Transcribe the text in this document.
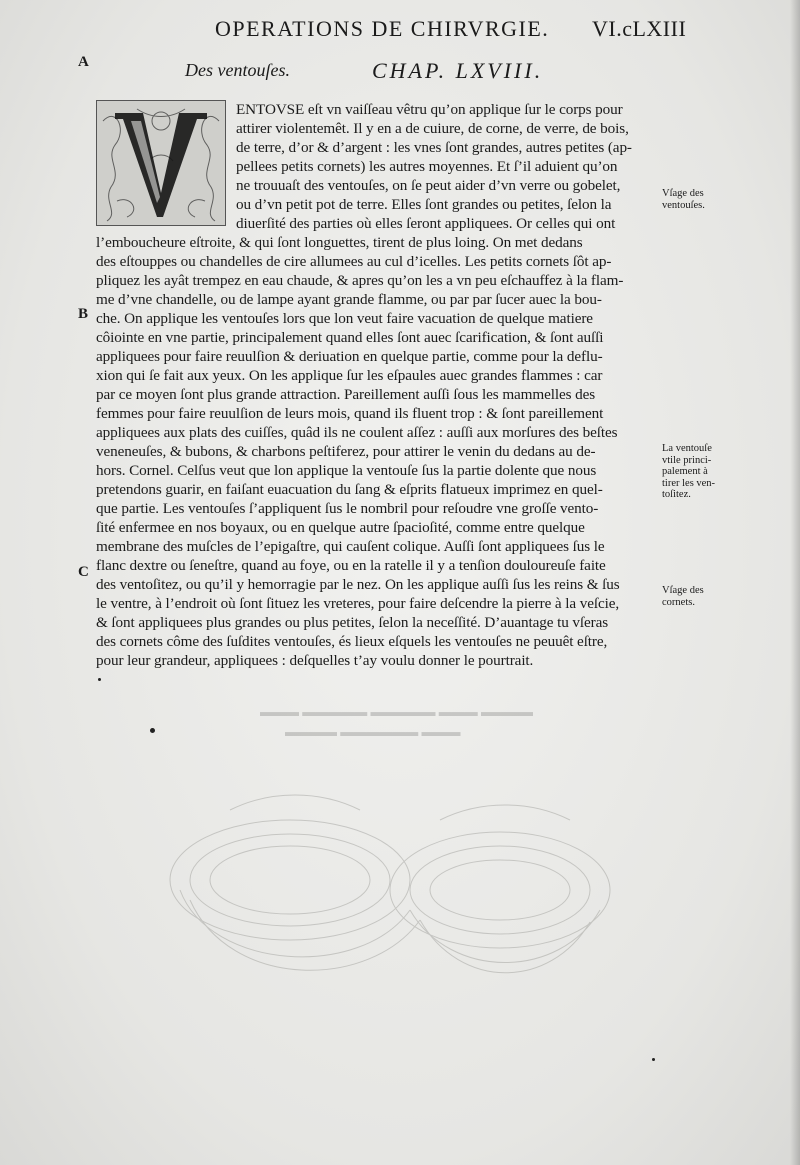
OPERATIONS DE CHIRVRGIE. VI.cLXIII
A
B
C
Des ventouſes.	CHAP. LXVIII.
V
ENTOVSE eſt vn vaiſſeau vêtru qu’on applique ſur le corps pour
attirer violentemêt. Il y en a de cuiure, de corne, de verre, de bois,
de terre, d’or & d’argent : les vnes ſont grandes, autres petites (ap-
pellees petits cornets) les autres moyennes. Et ſ’il aduient qu’on
ne trouuaſt des ventouſes, on ſe peut aider d’vn verre ou gobelet,
ou d’vn petit pot de terre. Elles ſont grandes ou petites, ſelon la
diuerſité des parties où elles ſeront appliquees. Or celles qui ont
l’emboucheure eſtroite, & qui ſont longuettes, tirent de plus loing. On met dedans
des eſtouppes ou chandelles de cire allumees au cul d’icelles. Les petits cornets ſôt ap-
pliquez les ayât trempez en eau chaude, & apres qu’on les a vn peu eſchauffez à la flam-
me d’vne chandelle, ou de lampe ayant grande flamme, ou par par ſucer auec la bou-
che. On applique les ventouſes lors que lon veut faire vacuation de quelque matiere
côiointe en vne partie, principalement quand elles ſont auec ſcarification, & ſont auſſi
appliquees pour faire reuulſion & deriuation en quelque partie, comme pour la deflu-
xion qui ſe fait aux yeux. On les applique ſur les eſpaules auec grandes flammes : car
par ce moyen ſont plus grande attraction. Pareillement auſſi ſous les mammelles des
femmes pour faire reuulſion de leurs mois, quand ils fluent trop : & ſont pareillement
appliquees aux plats des cuiſſes, quâd ils ne coulent aſſez : auſſi aux morſures des beſtes
veneneuſes, & bubons, & charbons peſtiferez, pour attirer le venin du dedans au de-
hors. Cornel. Celſus veut que lon applique la ventouſe ſus la partie dolente que nous
pretendons guarir, en faiſant euacuation du ſang & eſprits flatueux imprimez en quel-
que partie. Les ventouſes ſ’appliquent ſus le nombril pour reſoudre vne groſſe vento-
ſité enfermee en nos boyaux, ou en quelque autre ſpacioſité, comme entre quelque
membrane des muſcles de l’epigaſtre, qui cauſent colique. Auſſi ſont appliquees ſus le
flanc dextre ou ſeneſtre, quand au foye, ou en la ratelle il y a tenſion douloureuſe faite
des ventoſitez, ou qu’il y hemorragie par le nez. On les applique auſſi ſus les reins & ſus
le ventre, à l’endroit où ſont ſituez les vreteres, pour faire deſcendre la pierre à la veſcie,
& ſont appliquees plus grandes ou plus petites, ſelon la neceſſité. D’auantage tu vſeras
des cornets côme des ſuſdites ventouſes, és lieux eſquels les ventouſes ne peuuêt eſtre,
pour leur grandeur, appliquees : deſquelles t’ay voulu donner le pourtrait.
Vſage des
ventouſes.
La ventouſe
vtile princi-
palement à
tirer les ven-
toſitez.
Vſage des
cornets.
▬▬▬ ▬▬▬▬▬ ▬▬▬▬▬ ▬▬▬ ▬▬▬▬
▬▬▬▬ ▬▬▬▬▬▬ ▬▬▬
